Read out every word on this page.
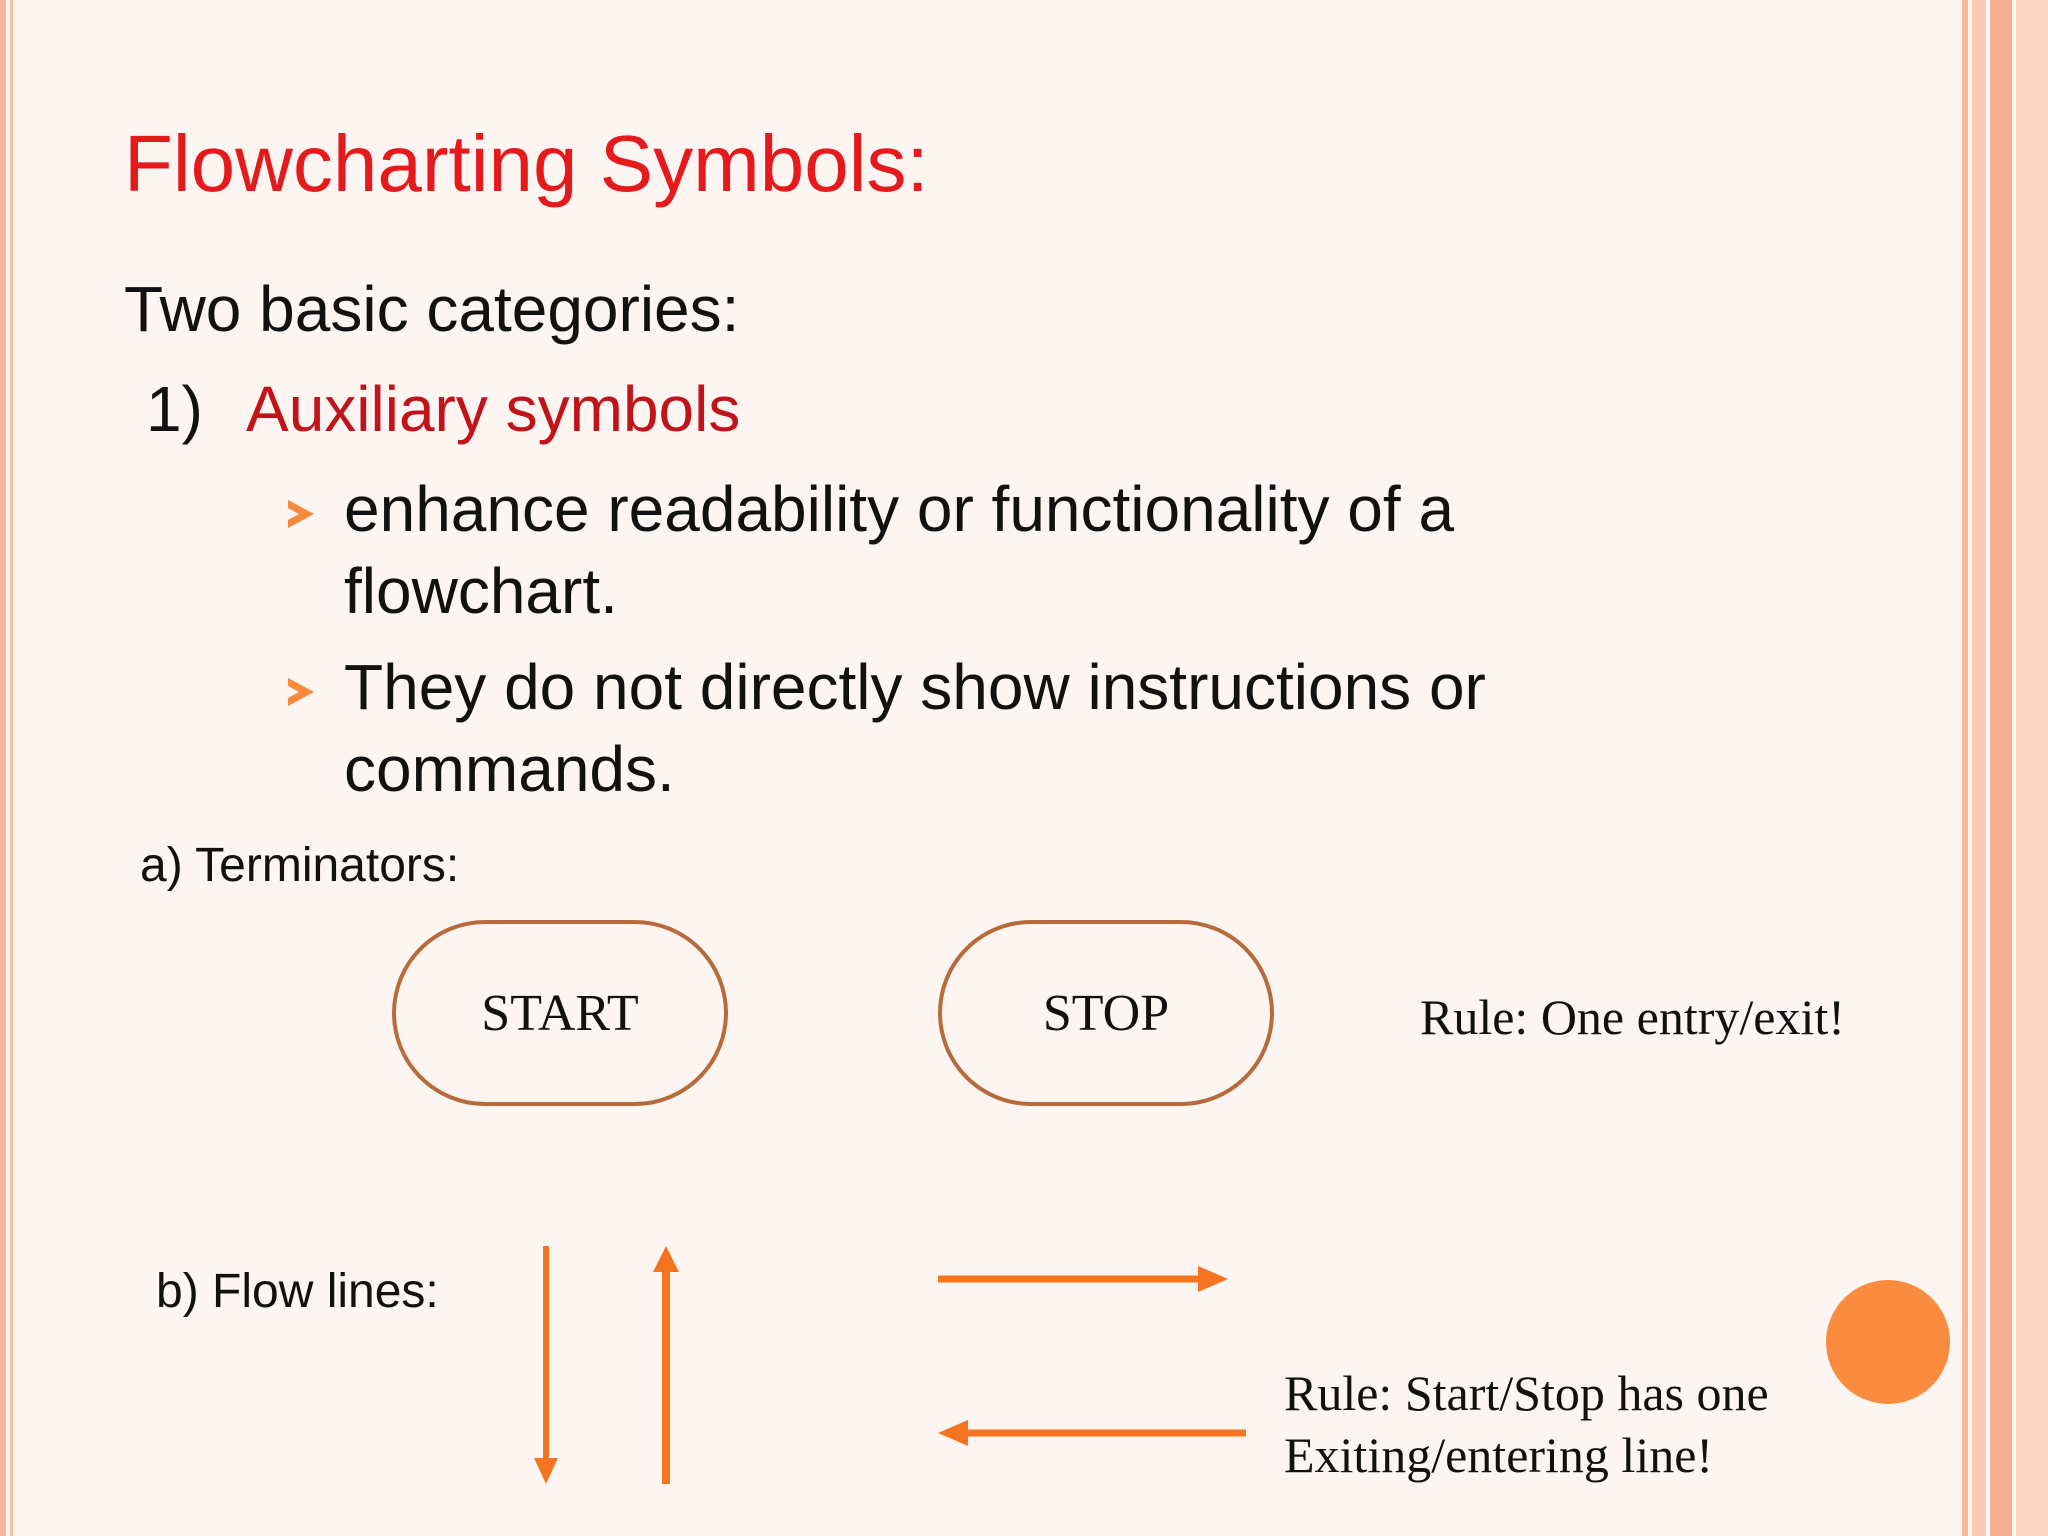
Flowcharting Symbols:
Two basic categories:
1) Auxiliary symbols
enhance readability or functionality of a
flowchart.
They do not directly show instructions or
commands.
a) Terminators:
START	STOP	Rule: One entry/exit!
b) Flow lines:
Rule: Start/Stop has one
Exiting/entering line!
